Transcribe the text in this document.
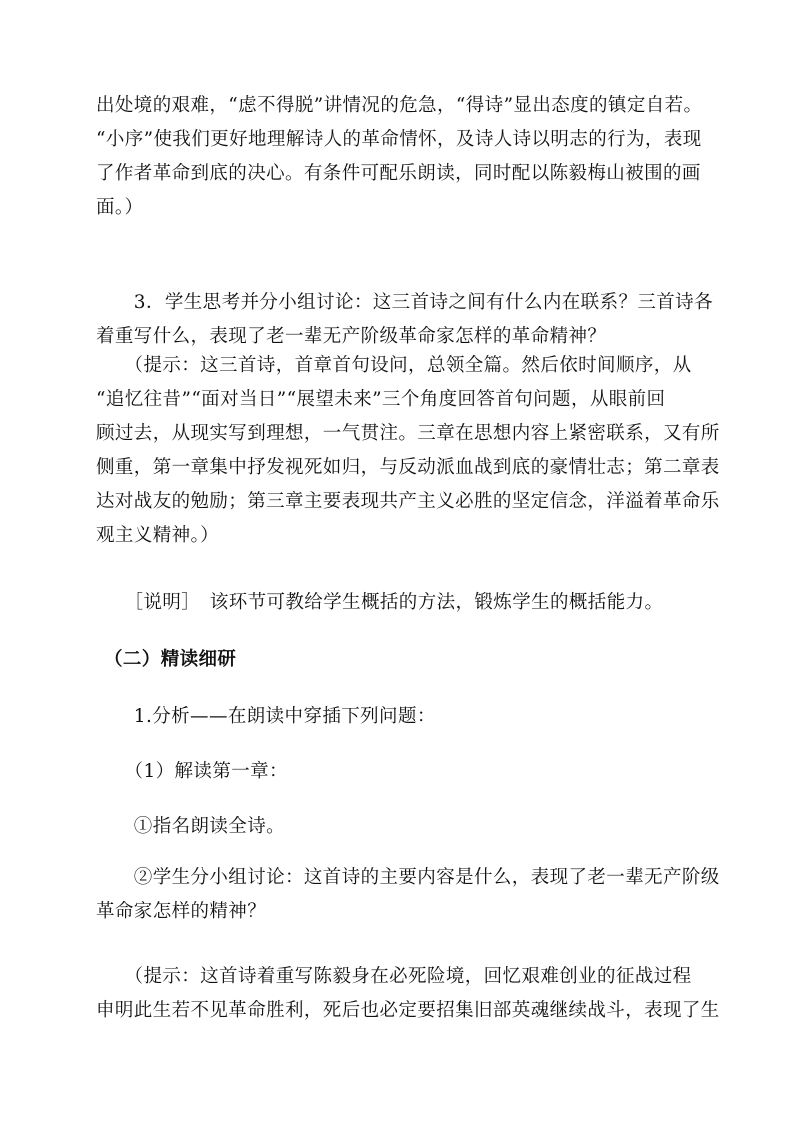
出处境的艰难，“虑不得脱”讲情况的危急，“得诗”显出态度的镇定自若。
“小序”使我们更好地理解诗人的革命情怀，及诗人诗以明志的行为，表现
了作者革命到底的决心。有条件可配乐朗读，同时配以陈毅梅山被围的画
面。）
　　3．学生思考并分小组讨论：这三首诗之间有什么内在联系？三首诗各
着重写什么，表现了老一辈无产阶级革命家怎样的革命精神？
　　（提示：这三首诗，首章首句设问，总领全篇。然后依时间顺序，从
“追忆往昔”“面对当日”“展望未来”三个角度回答首句问题，从眼前回
顾过去，从现实写到理想，一气贯注。三章在思想内容上紧密联系，又有所
侧重，第一章集中抒发视死如归，与反动派血战到底的豪情壮志；第二章表
达对战友的勉励；第三章主要表现共产主义必胜的坚定信念，洋溢着革命乐
观主义精神。）
　　［说明］　该环节可教给学生概括的方法，锻炼学生的概括能力。
（二）精读细研
　　1.分析——在朗读中穿插下列问题：
　　（1）解读第一章：
　　①指名朗读全诗。
　　②学生分小组讨论：这首诗的主要内容是什么，表现了老一辈无产阶级
革命家怎样的精神？
　　（提示：这首诗着重写陈毅身在必死险境，回忆艰难创业的征战过程
申明此生若不见革命胜利，死后也必定要招集旧部英魂继续战斗，表现了生
